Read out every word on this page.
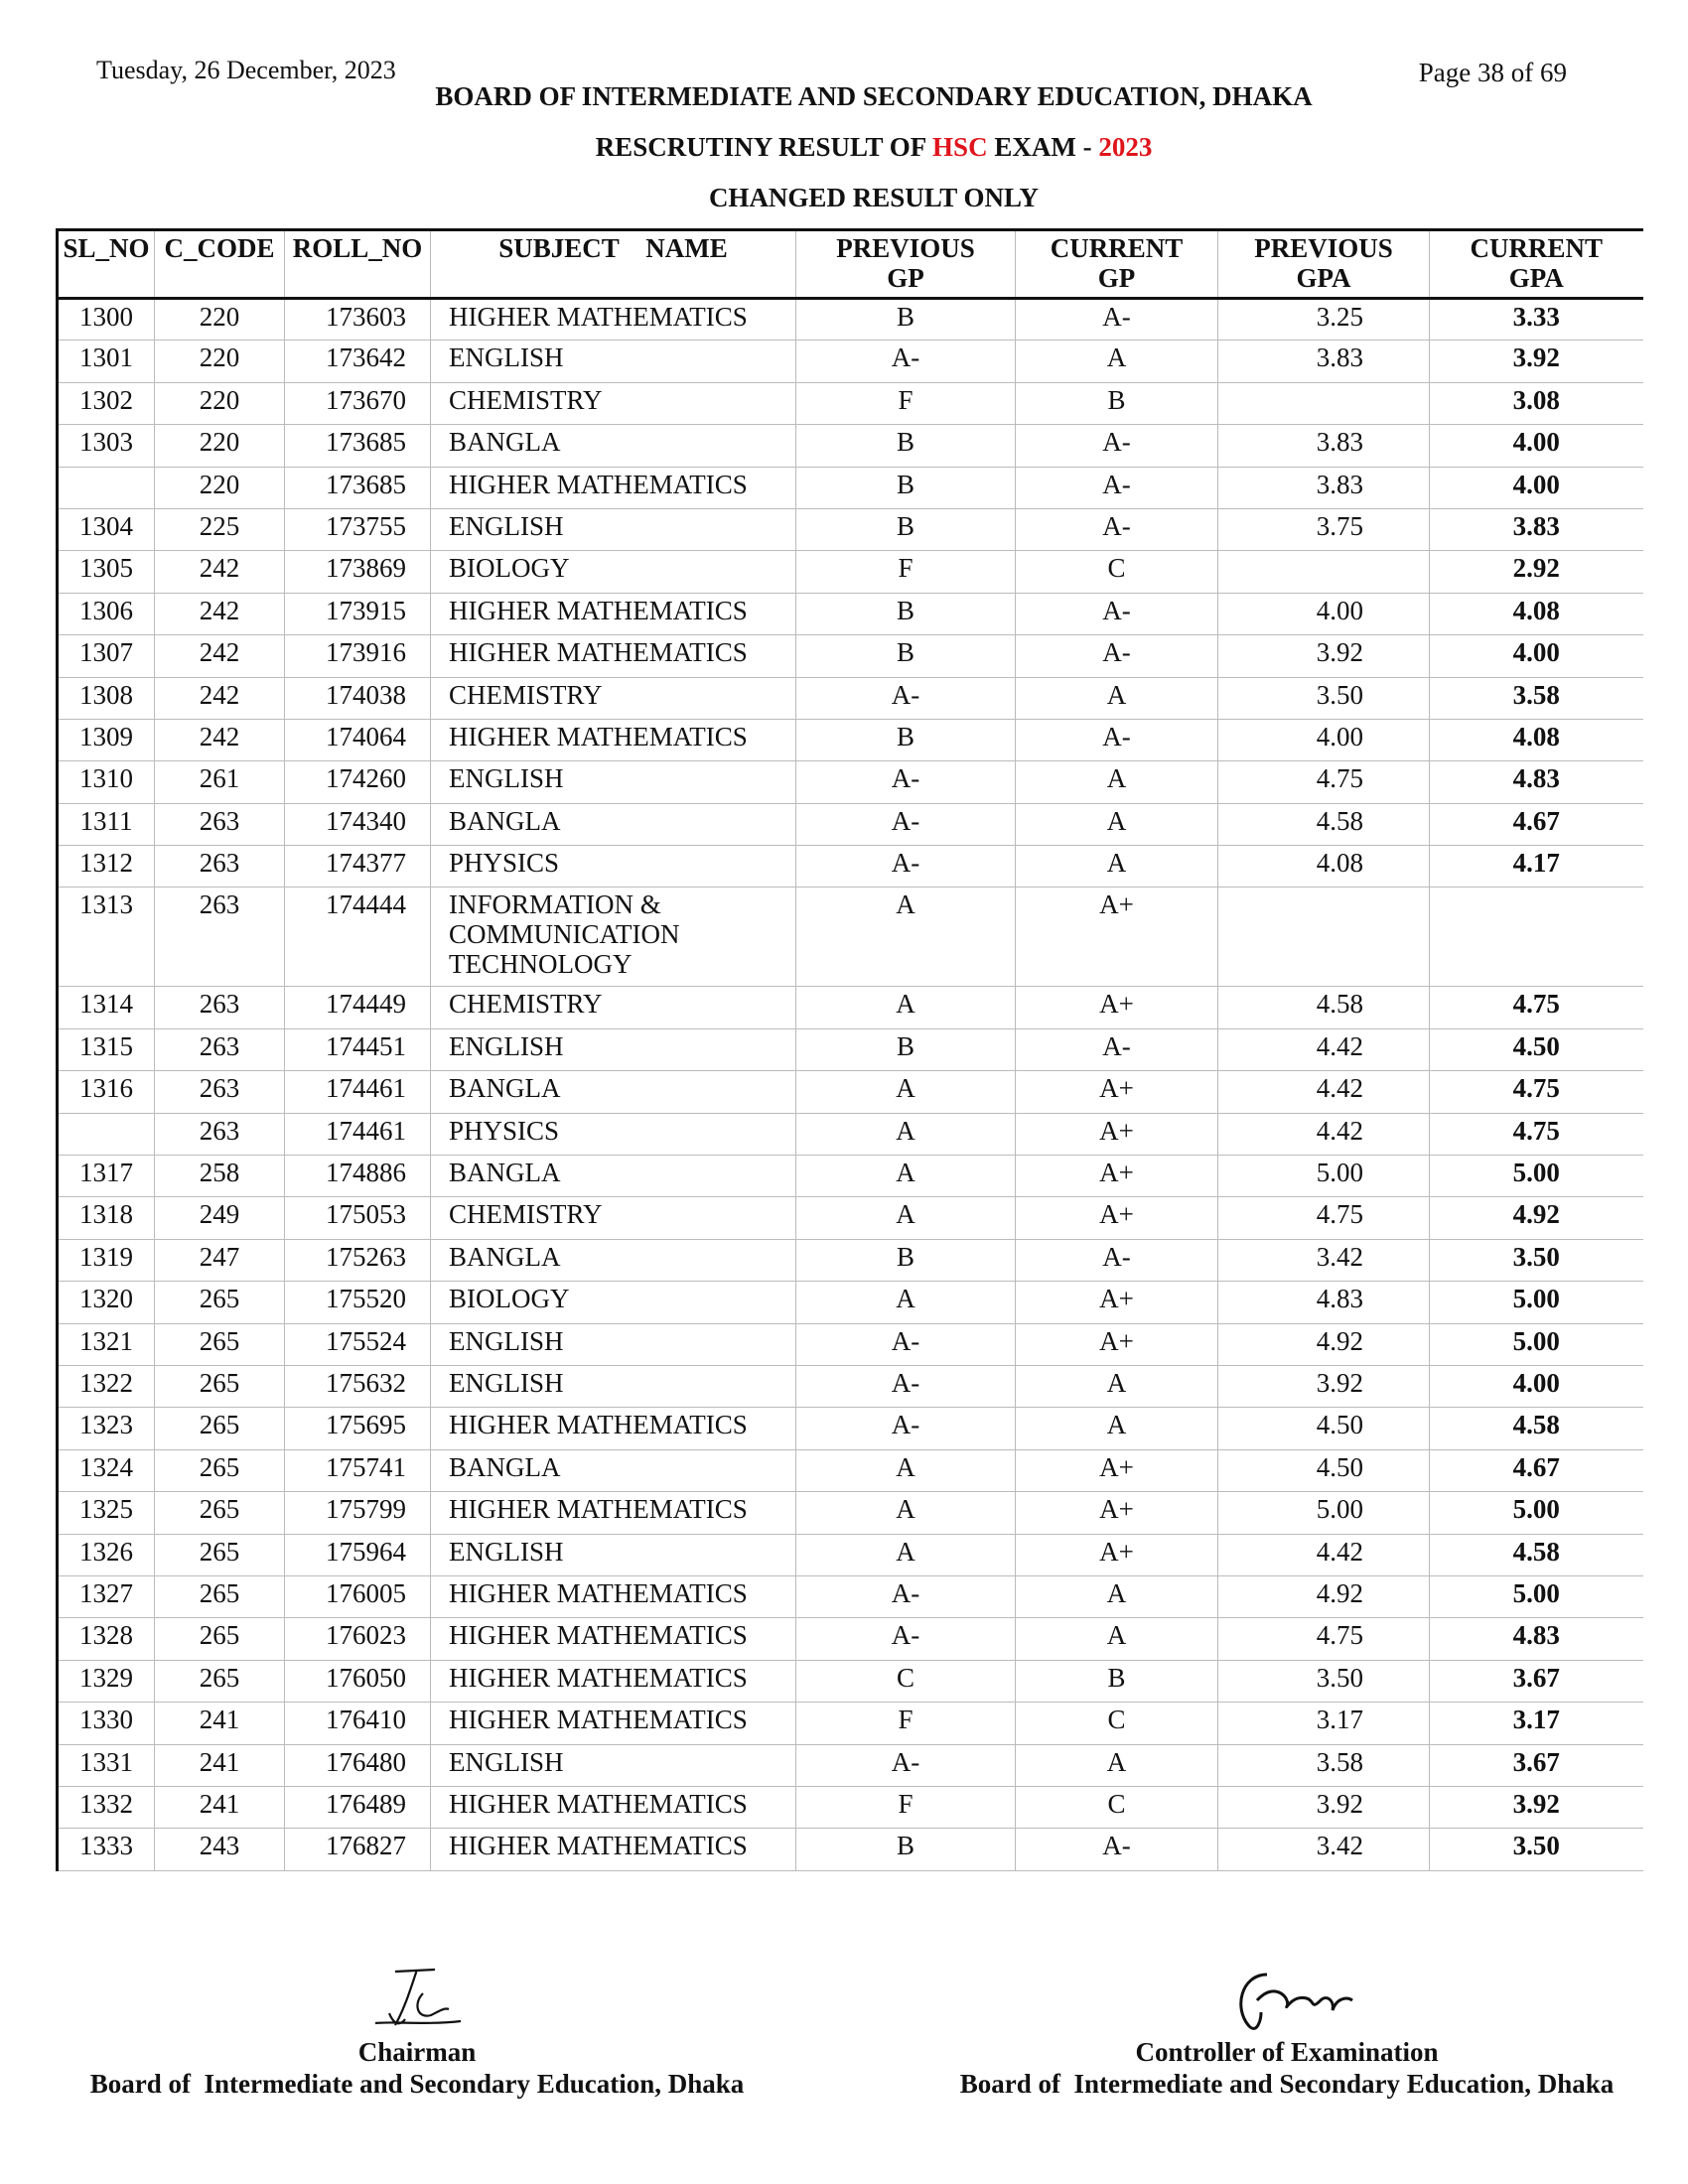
Tuesday, 26 December, 2023	Page 38 of 69
BOARD OF INTERMEDIATE AND SECONDARY EDUCATION, DHAKA
RESCRUTINY RESULT OF HSC EXAM - 2023
CHANGED RESULT ONLY
SL_NO	C_CODE	ROLL_NO	SUBJECT    NAME	PREVIOUS GP	CURRENT GP	PREVIOUS GPA	CURRENT GPA
1300	220	173603	HIGHER MATHEMATICS	B	A-	3.25	3.33
1301	220	173642	ENGLISH	A-	A	3.83	3.92
1302	220	173670	CHEMISTRY	F	B		3.08
1303	220	173685	BANGLA	B	A-	3.83	4.00
	220	173685	HIGHER MATHEMATICS	B	A-	3.83	4.00
1304	225	173755	ENGLISH	B	A-	3.75	3.83
1305	242	173869	BIOLOGY	F	C		2.92
1306	242	173915	HIGHER MATHEMATICS	B	A-	4.00	4.08
1307	242	173916	HIGHER MATHEMATICS	B	A-	3.92	4.00
1308	242	174038	CHEMISTRY	A-	A	3.50	3.58
1309	242	174064	HIGHER MATHEMATICS	B	A-	4.00	4.08
1310	261	174260	ENGLISH	A-	A	4.75	4.83
1311	263	174340	BANGLA	A-	A	4.58	4.67
1312	263	174377	PHYSICS	A-	A	4.08	4.17
1313	263	174444	INFORMATION & COMMUNICATION TECHNOLOGY	A	A+		
1314	263	174449	CHEMISTRY	A	A+	4.58	4.75
1315	263	174451	ENGLISH	B	A-	4.42	4.50
1316	263	174461	BANGLA	A	A+	4.42	4.75
	263	174461	PHYSICS	A	A+	4.42	4.75
1317	258	174886	BANGLA	A	A+	5.00	5.00
1318	249	175053	CHEMISTRY	A	A+	4.75	4.92
1319	247	175263	BANGLA	B	A-	3.42	3.50
1320	265	175520	BIOLOGY	A	A+	4.83	5.00
1321	265	175524	ENGLISH	A-	A+	4.92	5.00
1322	265	175632	ENGLISH	A-	A	3.92	4.00
1323	265	175695	HIGHER MATHEMATICS	A-	A	4.50	4.58
1324	265	175741	BANGLA	A	A+	4.50	4.67
1325	265	175799	HIGHER MATHEMATICS	A	A+	5.00	5.00
1326	265	175964	ENGLISH	A	A+	4.42	4.58
1327	265	176005	HIGHER MATHEMATICS	A-	A	4.92	5.00
1328	265	176023	HIGHER MATHEMATICS	A-	A	4.75	4.83
1329	265	176050	HIGHER MATHEMATICS	C	B	3.50	3.67
1330	241	176410	HIGHER MATHEMATICS	F	C	3.17	3.17
1331	241	176480	ENGLISH	A-	A	3.58	3.67
1332	241	176489	HIGHER MATHEMATICS	F	C	3.92	3.92
1333	243	176827	HIGHER MATHEMATICS	B	A-	3.42	3.50
Chairman
Board of  Intermediate and Secondary Education, Dhaka
Controller of Examination
Board of  Intermediate and Secondary Education, Dhaka
